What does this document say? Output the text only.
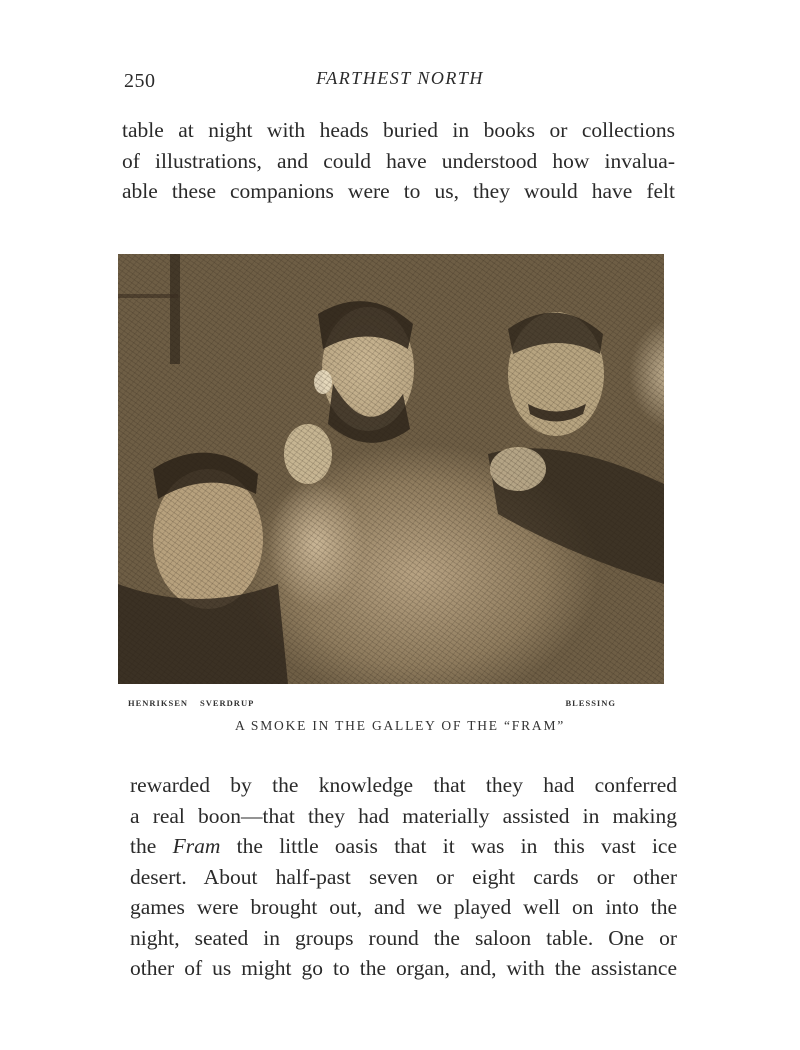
250	FARTHEST NORTH
table at night with heads buried in books or collections
of illustrations, and could have understood how invalua-
able these companions were to us, they would have felt
HENRIKSEN SVERDRUP	BLESSING
A SMOKE IN THE GALLEY OF THE “FRAM”
rewarded by the knowledge that they had conferred
a real boon—that they had materially assisted in making
the Fram the little oasis that it was in this vast ice
desert. About half-past seven or eight cards or other
games were brought out, and we played well on into the
night, seated in groups round the saloon table. One or
other of us might go to the organ, and, with the assistance
